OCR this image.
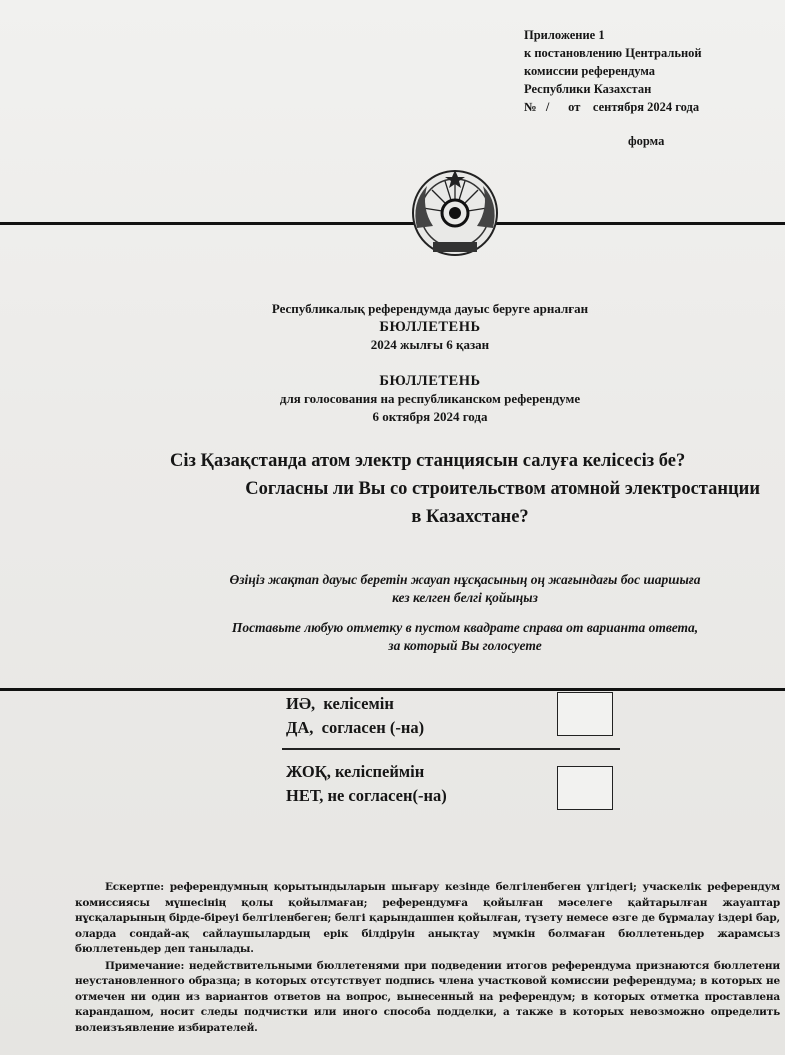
Приложение 1
к постановлению Центральной
комиссии референдума
Республики Казахстан
№   /      от    сентября 2024 года
форма
Республикалық референдумда дауыс беруге арналған
БЮЛЛЕТЕНЬ
2024 жылғы 6 қазан
БЮЛЛЕТЕНЬ
для голосования на республиканском референдуме
6 октября 2024 года
Сіз Қазақстанда атом электр станциясын салуға келісесіз бе?
Согласны ли Вы со строительством атомной электростанции
в Казахстане?
Өзіңіз жақтап дауыс беретін жауап нұсқасының оң жағындағы бос шаршыға
кез келген белгі қойыңыз
Поставьте любую отметку в пустом квадрате справа от варианта ответа,
за который Вы голосуете
ИӘ,  келісемін
ДА,  согласен (-на)
ЖОҚ, келіспеймін
НЕТ, не согласен(-на)

Ескертпе: референдумның қорытындыларын шығару кезінде белгіленбеген үлгідегі; учаскелік референдум комиссиясы мүшесінің қолы қойылмаған; референдумға қойылған мәселеге қайтарылған жауаптар нұсқаларының бірде-біреуі белгіленбеген; белгі қарындашпен қойылған, түзету немесе өзге де бұрмалау іздері бар, оларда сондай-ақ сайлаушылардың ерік білдіруін анықтау мүмкін болмаған бюллетеньдер жарамсыз бюллетеньдер деп танылады.

Примечание: недействительными бюллетенями при подведении итогов референдума признаются бюллетени неустановленного образца; в которых отсутствует подпись члена участковой комиссии референдума; в которых не отмечен ни один из вариантов ответов на вопрос, вынесенный на референдум; в которых отметка проставлена карандашом, носит следы подчистки или иного способа подделки, а также в которых невозможно определить волеизъявление избирателей.
